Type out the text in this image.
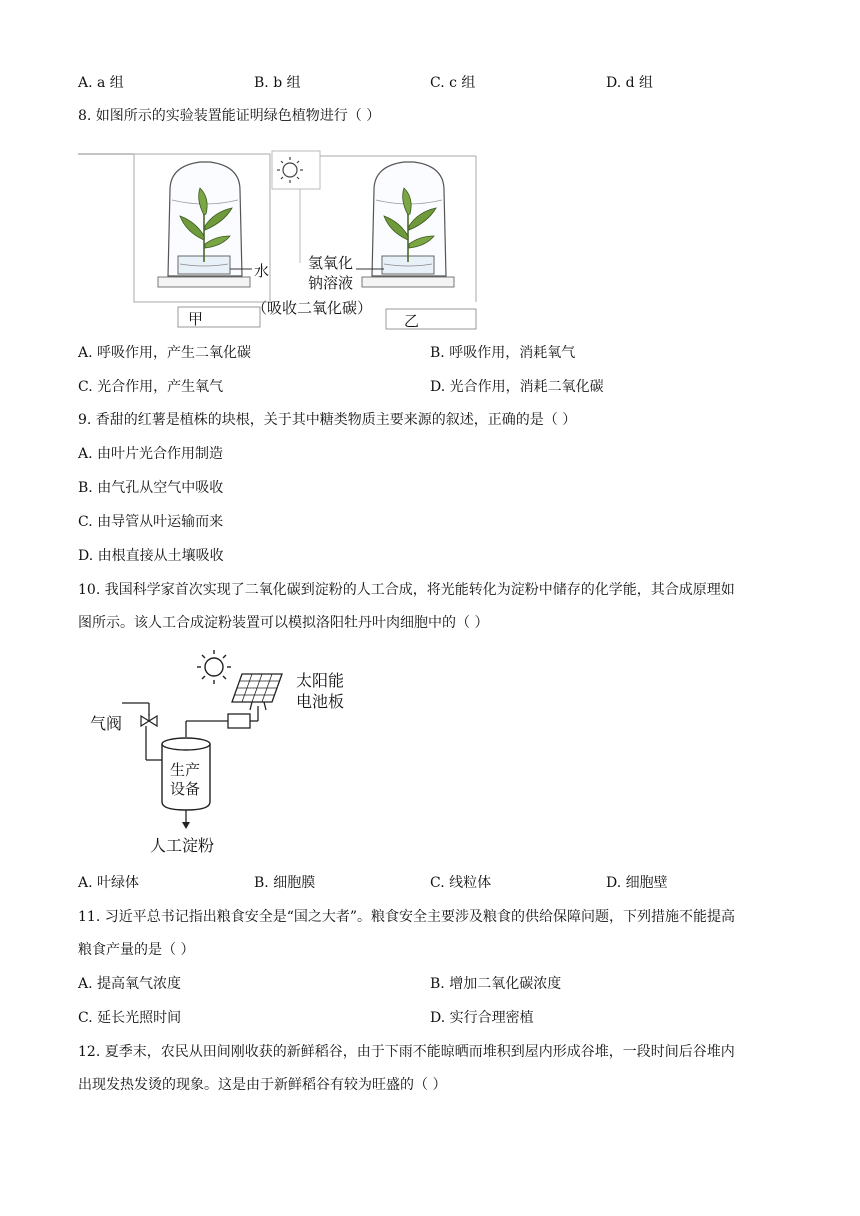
A. a 组	B. b 组	C. c 组	D. d 组
8. 如图所示的实验装置能证明绿色植物进行（ ）
水	氢氧化
钠溶液
（吸收二氧化碳）
甲	乙
A. 呼吸作用，产生二氧化碳	B. 呼吸作用，消耗氧气
C. 光合作用，产生氧气	D. 光合作用，消耗二氧化碳
9. 香甜的红薯是植株的块根，关于其中糖类物质主要来源的叙述，正确的是（ ）
A. 由叶片光合作用制造
B. 由气孔从空气中吸收
C. 由导管从叶运输而来
D. 由根直接从土壤吸收
10. 我国科学家首次实现了二氧化碳到淀粉的人工合成，将光能转化为淀粉中储存的化学能，其合成原理如
图所示。该人工合成淀粉装置可以模拟洛阳牡丹叶肉细胞中的（ ）
太阳能
电池板
气阀
生产
设备
人工淀粉
A. 叶绿体	B. 细胞膜	C. 线粒体	D. 细胞壁
11. 习近平总书记指出粮食安全是“国之大者”。粮食安全主要涉及粮食的供给保障问题，下列措施不能提高
粮食产量的是（ ）
A. 提高氧气浓度	B. 增加二氧化碳浓度
C. 延长光照时间	D. 实行合理密植
12. 夏季末，农民从田间刚收获的新鲜稻谷，由于下雨不能晾晒而堆积到屋内形成谷堆，一段时间后谷堆内
出现发热发烫的现象。这是由于新鲜稻谷有较为旺盛的（ ）
